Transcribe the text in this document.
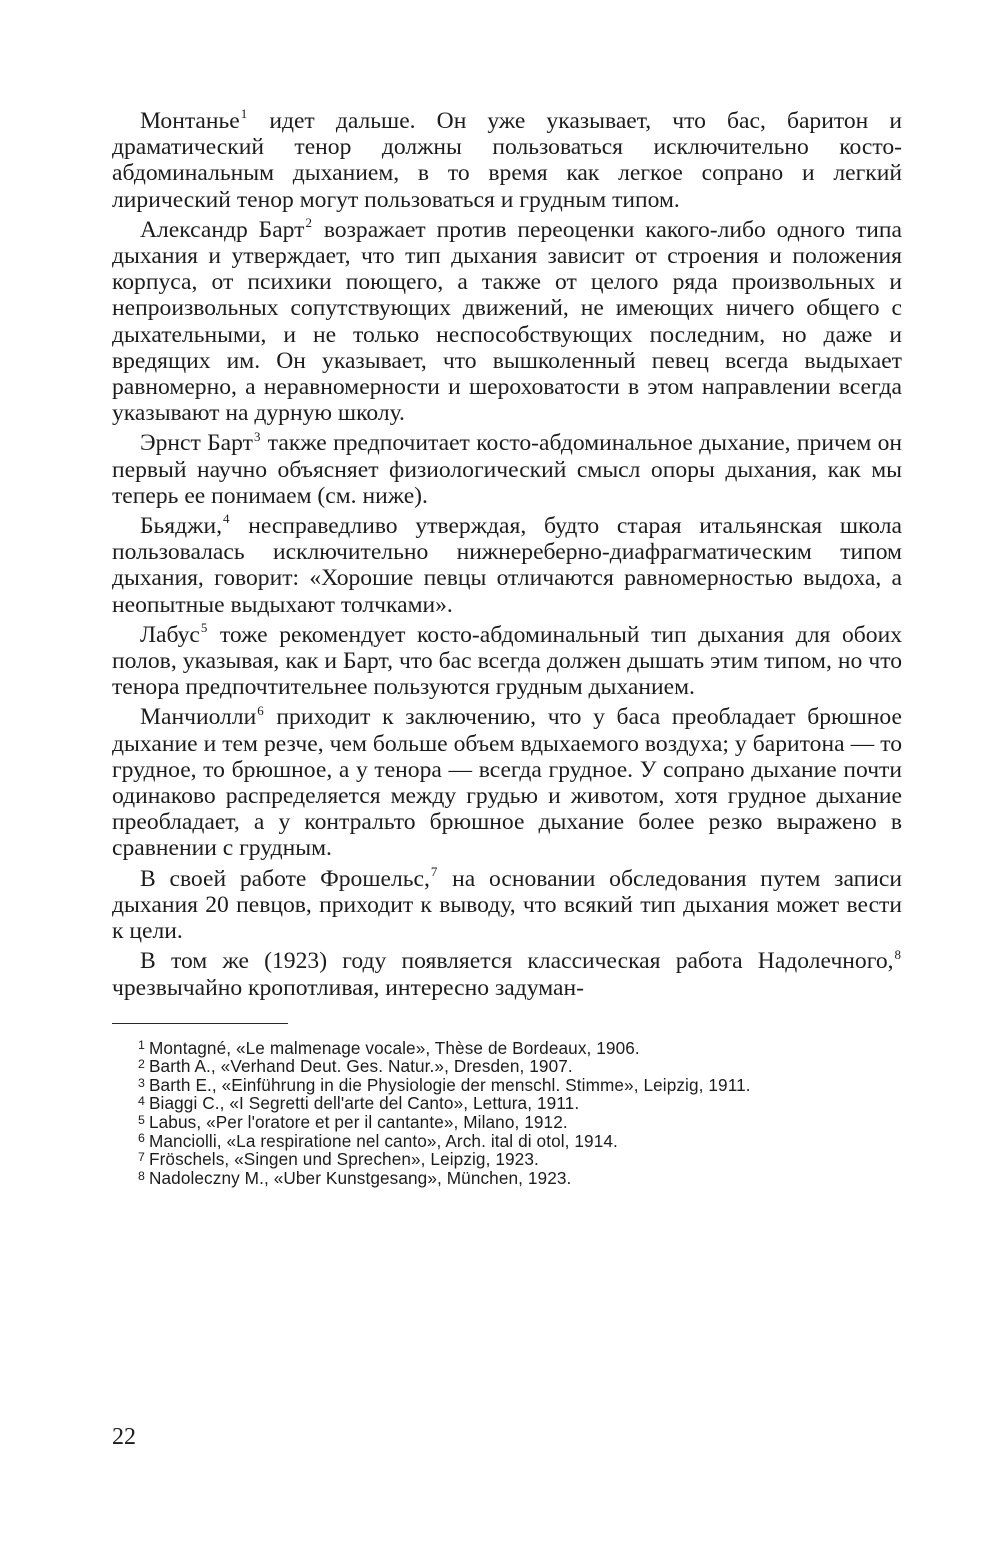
Монтанье$^1$ идет дальше. Он уже указывает, что бас, баритон и драматический тенор должны пользоваться исключительно косто-абдоминальным дыханием, в то время как легкое сопрано и легкий лирический тенор могут пользоваться и грудным типом.

Александр Барт$^2$ возражает против переоценки какого-либо одного типа дыхания и утверждает, что тип дыхания зависит от строения и положения корпуса, от психики поющего, а также от целого ряда произвольных и непроизвольных сопутствующих движений, не имеющих ничего общего с дыхательными, и не только неспособствующих последним, но даже и вредящих им. Он указывает, что вышколенный певец всегда выдыхает равномерно, а неравномерности и шероховатости в этом направлении всегда указывают на дурную школу.

Эрнст Барт$^3$ также предпочитает косто-абдоминальное дыхание, причем он первый научно объясняет физиологический смысл опоры дыхания, как мы теперь ее понимаем (см. ниже).

Бьяджи,$^4$ несправедливо утверждая, будто старая итальянская школа пользовалась исключительно нижнереберно-диафрагматическим типом дыхания, говорит: «Хорошие певцы отличаются равномерностью выдоха, а неопытные выдыхают толчками».

Лабус$^5$ тоже рекомендует косто-абдоминальный тип дыхания для обоих полов, указывая, как и Барт, что бас всегда должен дышать этим типом, но что тенора предпочтительнее пользуются грудным дыханием.

Манчиолли$^6$ приходит к заключению, что у баса преобладает брюшное дыхание и тем резче, чем больше объем вдыхаемого воздуха; у баритона — то грудное, то брюшное, а у тенора — всегда грудное. У сопрано дыхание почти одинаково распределяется между грудью и животом, хотя грудное дыхание преобладает, а у контральто брюшное дыхание более резко выражено в сравнении с грудным.

В своей работе Фрошельс,$^7$ на основании обследования путем записи дыхания 20 певцов, приходит к выводу, что всякий тип дыхания может вести к цели.

В том же (1923) году появляется классическая работа Надолечного,$^8$ чрезвычайно кропотливая, интересно задуман-

$^1$ Montagné, «Le malmenage vocale», Thèse de Bordeaux, 1906.

$^2$ Barth A., «Verhand Deut. Ges. Natur.», Dresden, 1907.

$^3$ Barth E., «Einführung in die Physiologie der menschl. Stimme», Leipzig, 1911.

$^4$ Biaggi C., «I Segretti dell'arte del Canto», Lettura, 1911.

$^5$ Labus, «Per l'oratore et per il cantante», Milano, 1912.

$^6$ Manciolli, «La respiratione nel canto», Arch. ital di otol, 1914.

$^7$ Fröschels, «Singen und Sprechen», Leipzig, 1923.

$^8$ Nadoleczny M., «Uber Kunstgesang», München, 1923.

22
